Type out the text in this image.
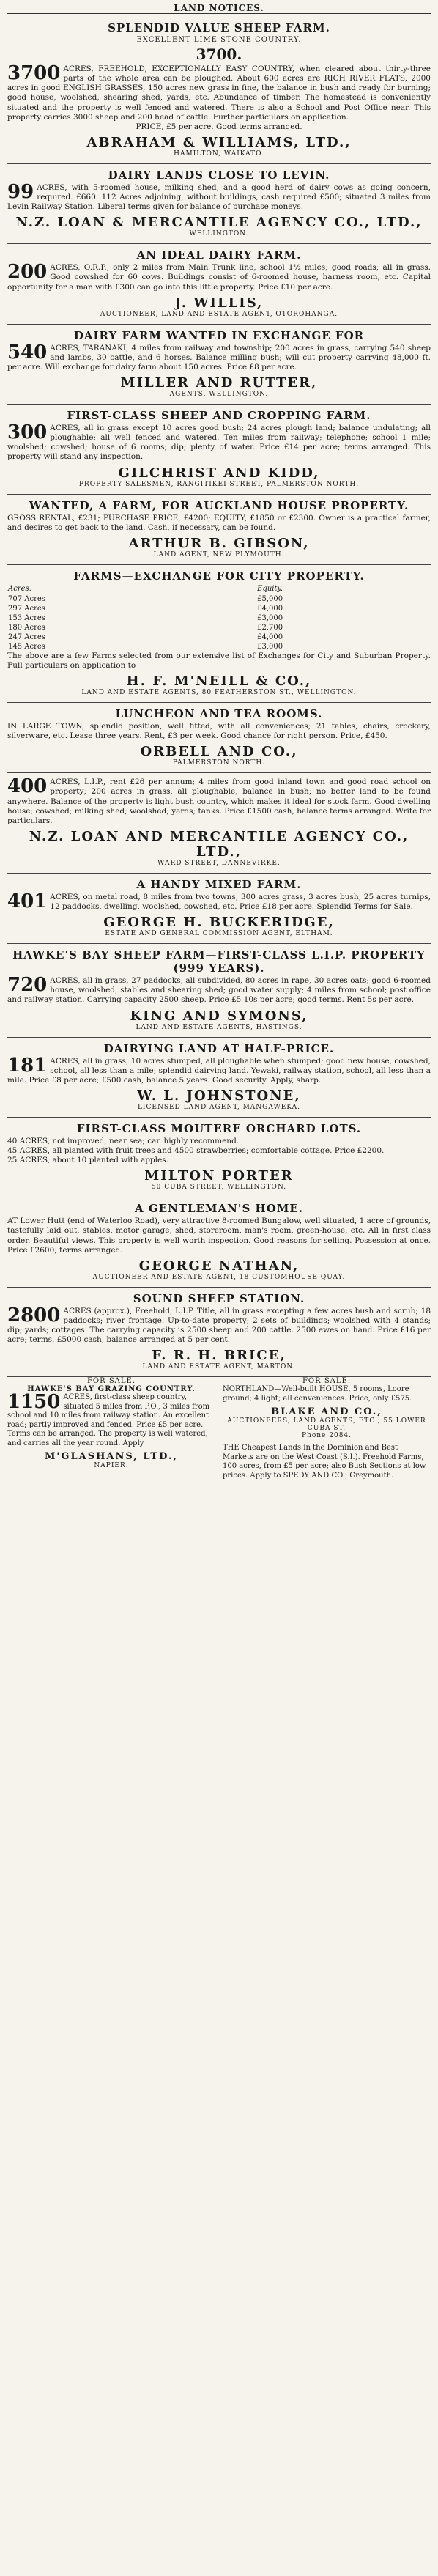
LAND NOTICES.
SPLENDID VALUE SHEEP FARM.
EXCELLENT LIME STONE COUNTRY.
3700.
3700 ACRES, FREEHOLD, EXCEPTIONALLY EASY COUNTRY, when cleared about thirty-three parts of the whole area can be ploughed. About 600 acres are RICH RIVER FLATS, 2000 acres in good ENGLISH GRASSES, 150 acres new grass in fine, the balance in bush and ready for burning; good house, woolshed, shearing shed, yards, etc. Abundance of timber. The homestead is conveniently situated and the property is well fenced and watered. There is also a School and Post Office near. This property carries 3000 sheep and 200 head of cattle. Further particulars on application.
PRICE, £5 per acre. Good terms arranged.
ABRAHAM & WILLIAMS, LTD.,
HAMILTON, WAIKATO.
DAIRY LANDS CLOSE TO LEVIN.
99 ACRES, with 5-roomed house, milking shed, and a good herd of dairy cows as going concern, required. £660. 112 Acres adjoining, without buildings, cash required £500; situated 3 miles from Levin Railway Station. Liberal terms given for balance of purchase moneys.
N.Z. LOAN & MERCANTILE AGENCY CO., LTD.,
WELLINGTON.
AN IDEAL DAIRY FARM.
200 ACRES, O.R.P., only 2 miles from Main Trunk line, school 1½ miles; good roads; all in grass. Good cowshed for 60 cows. Buildings consist of 6-roomed house, harness room, etc. Capital opportunity for a man with £300 can go into this little property. Price £10 per acre.
J. WILLIS,
AUCTIONEER, LAND AND ESTATE AGENT, OTOROHANGA.
DAIRY FARM WANTED IN EXCHANGE FOR
540 ACRES, TARANAKI, 4 miles from railway and township; 200 acres in grass, carrying 540 sheep and lambs, 30 cattle, and 6 horses. Balance milling bush; will cut property carrying 48,000 ft. per acre. Will exchange for dairy farm about 150 acres. Price £8 per acre.
MILLER AND RUTTER,
AGENTS, WELLINGTON.
FIRST-CLASS SHEEP AND CROPPING FARM.
300 ACRES, all in grass except 10 acres good bush; 24 acres plough land; balance undulating; all ploughable; all well fenced and watered. Ten miles from railway; telephone; school 1 mile; woolshed; cowshed; house of 6 rooms; dip; plenty of water. Price £14 per acre; terms arranged. This property will stand any inspection.
GILCHRIST AND KIDD,
PROPERTY SALESMEN, RANGITIKEI STREET, PALMERSTON NORTH.
WANTED, A FARM, FOR AUCKLAND HOUSE PROPERTY.
GROSS RENTAL, £231; PURCHASE PRICE, £4200; EQUITY, £1850 or £2300. Owner is a practical farmer, and desires to get back to the land. Cash, if necessary, can be found.
ARTHUR B. GIBSON,
LAND AGENT, NEW PLYMOUTH.
FARMS—EXCHANGE FOR CITY PROPERTY.
Acres.	Equity.
707 Acres	£5,000
297 Acres	£4,000
153 Acres	£3,000
180 Acres	£2,700
247 Acres	£4,000
145 Acres	£3,000
The above are a few Farms selected from our extensive list of Exchanges for City and Suburban Property. Full particulars on application to
H. F. M'NEILL & CO.,
LAND AND ESTATE AGENTS, 80 FEATHERSTON ST., WELLINGTON.
LUNCHEON AND TEA ROOMS.
IN LARGE TOWN, splendid position, well fitted, with all conveniences; 21 tables, chairs, crockery, silverware, etc. Lease three years. Rent, £3 per week. Good chance for right person. Price, £450.
ORBELL AND CO.,
PALMERSTON NORTH.
400 ACRES, L.I.P., rent £26 per annum; 4 miles from good inland town and good road school on property; 200 acres in grass, all ploughable, balance in bush; no better land to be found anywhere. Balance of the property is light bush country, which makes it ideal for stock farm. Good dwelling house; cowshed; milking shed; woolshed; yards; tanks. Price £1500 cash, balance terms arranged. Write for particulars.
N.Z. LOAN AND MERCANTILE AGENCY CO., LTD.,
WARD STREET, DANNEVIRKE.
A HANDY MIXED FARM.
401 ACRES, on metal road, 8 miles from two towns, 300 acres grass, 3 acres bush, 25 acres turnips, 12 paddocks, dwelling, woolshed, cowshed, etc. Price £18 per acre. Splendid Terms for Sale.
GEORGE H. BUCKERIDGE,
ESTATE AND GENERAL COMMISSION AGENT, ELTHAM.
HAWKE'S BAY SHEEP FARM—FIRST-CLASS L.I.P. PROPERTY (999 YEARS).
720 ACRES, all in grass, 27 paddocks, all subdivided, 80 acres in rape, 30 acres oats; good 6-roomed house, woolshed, stables and shearing shed; good water supply; 4 miles from school; post office and railway station. Carrying capacity 2500 sheep. Price £5 10s per acre; good terms. Rent 5s per acre.
KING AND SYMONS,
LAND AND ESTATE AGENTS, HASTINGS.
DAIRYING LAND AT HALF-PRICE.
181 ACRES, all in grass, 10 acres stumped, all ploughable when stumped; good new house, cowshed, school, all less than a mile; splendid dairying land. Yewaki, railway station, school, all less than a mile. Price £8 per acre; £500 cash, balance 5 years. Good security. Apply, sharp.
W. L. JOHNSTONE,
LICENSED LAND AGENT, MANGAWEKA.
FIRST-CLASS MOUTERE ORCHARD LOTS.
40 ACRES, not improved, near sea; can highly recommend.
45 ACRES, all planted with fruit trees and 4500 strawberries; comfortable cottage. Price £2200.
25 ACRES, about 10 planted with apples.
MILTON PORTER
50 CUBA STREET, WELLINGTON.
A GENTLEMAN'S HOME.
AT Lower Hutt (end of Waterloo Road), very attractive 8-roomed Bungalow, well situated, 1 acre of grounds, tastefully laid out, stables, motor garage, shed, storeroom, man's room, green-house, etc. All in first class order. Beautiful views. This property is well worth inspection. Good reasons for selling. Possession at once. Price £2600; terms arranged.
GEORGE NATHAN,
AUCTIONEER AND ESTATE AGENT, 18 CUSTOMHOUSE QUAY.
SOUND SHEEP STATION.
2800 ACRES (approx.), Freehold, L.I.P. Title, all in grass excepting a few acres bush and scrub; 18 paddocks; river frontage. Up-to-date property; 2 sets of buildings; woolshed with 4 stands; dip; yards; cottages. The carrying capacity is 2500 sheep and 200 cattle. 2500 ewes on hand. Price £16 per acre; terms, £5000 cash, balance arranged at 5 per cent.
F. R. H. BRICE,
LAND AND ESTATE AGENT, MARTON.
FOR SALE.
HAWKE'S BAY GRAZING COUNTRY.
1150 ACRES, first-class sheep country, situated 5 miles from P.O., 3 miles from school and 10 miles from railway station. An excellent road; partly improved and fenced. Price £5 per acre. Terms can be arranged. The property is well watered, and carries all the year round. Apply
M'GLASHANS, LTD.,
NAPIER.
FOR SALE.
NORTHLAND—Well-built HOUSE, 5 rooms, Loore ground; 4 light; all conveniences. Price, only £575.
BLAKE AND CO.,
AUCTIONEERS, LAND AGENTS, ETC., 55 LOWER CUBA ST.
Phone 2084.
THE Cheapest Lands in the Dominion and Best Markets are on the West Coast (S.I.). Freehold Farms, 100 acres, from £5 per acre; also Bush Sections at low prices. Apply to SPEDY AND CO., Greymouth.
